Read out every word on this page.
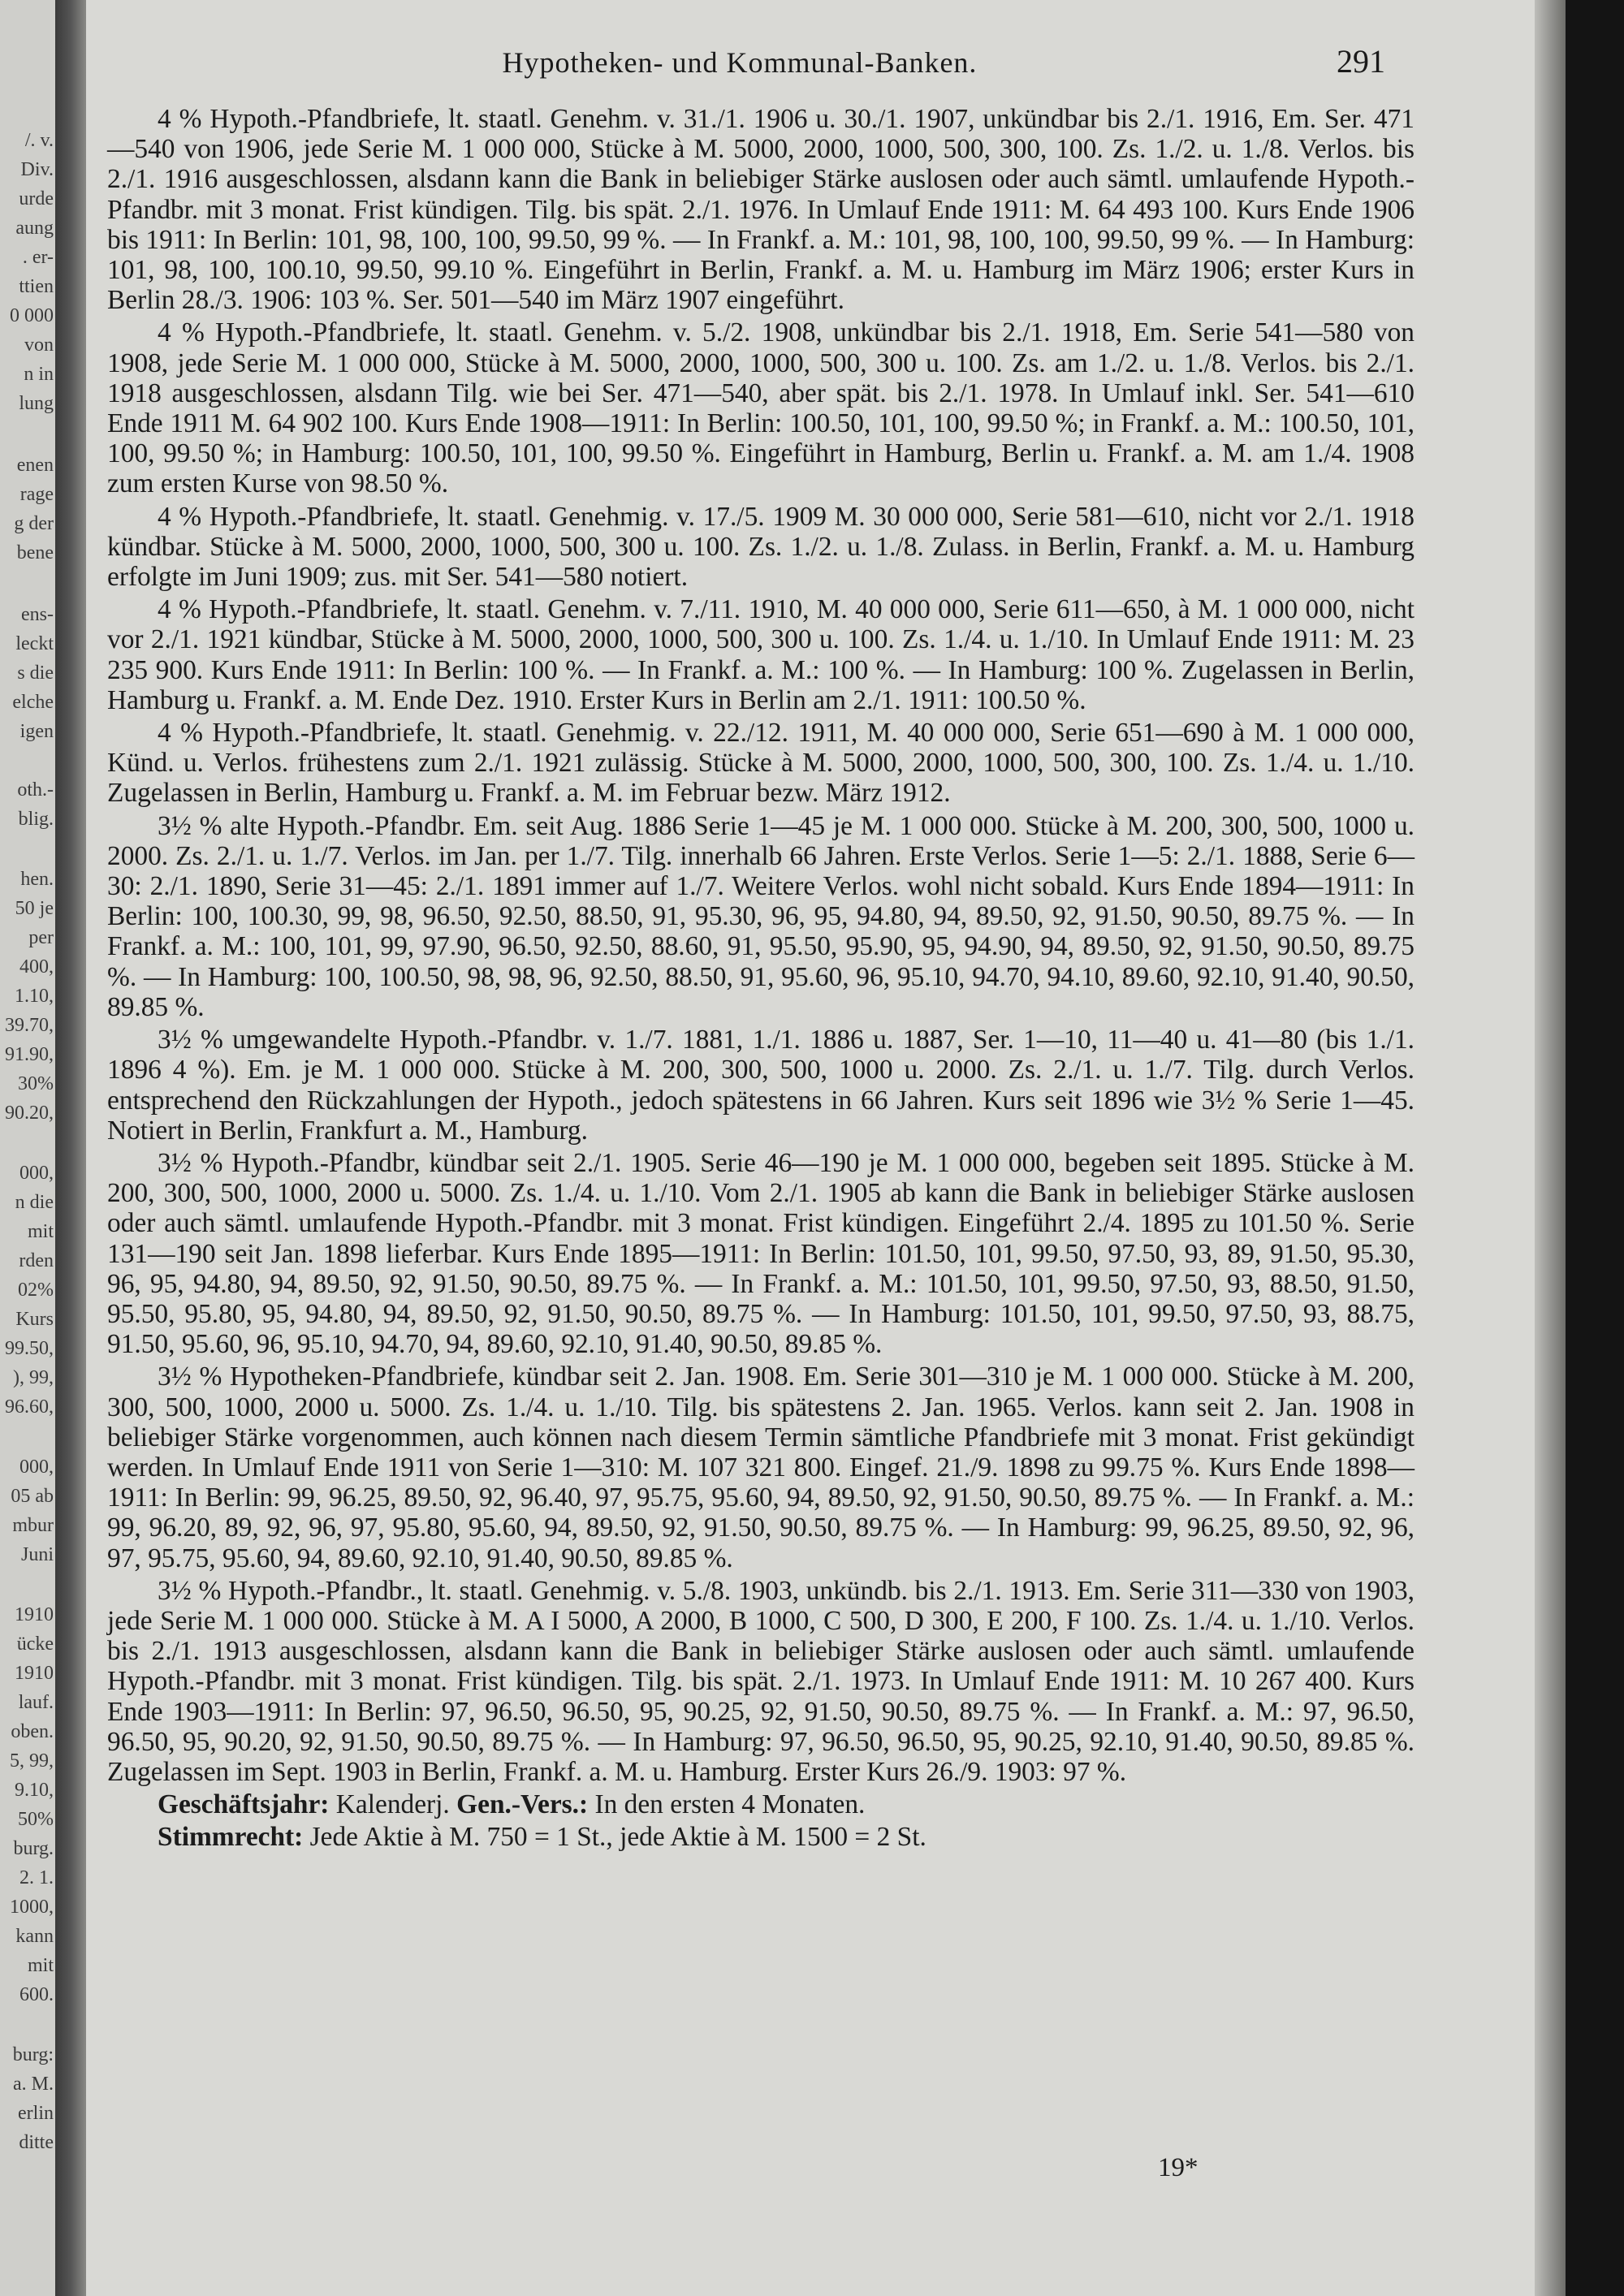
/. v.
Div.
urde
aung
. er-
ttien
0 000
von
n in
lung
enen
rage
g der
bene
ens-
leckt
s die
elche
igen
oth.-
blig.
hen.
50 je
per
400,
1.10,
39.70,
91.90,
30%
90.20,
000,
n die
mit
rden
02%
Kurs
99.50,
), 99,
96.60,
000,
05 ab
mbur
Juni
1910
ücke
1910
lauf.
oben.
5, 99,
9.10,
50%
burg.
2. 1.
1000,
kann
mit
600.
burg:
a. M.
erlin
ditte
Hypotheken- und Kommunal-Banken.	291

4 % Hypoth.-Pfandbriefe, lt. staatl. Genehm. v. 31./1. 1906 u. 30./1. 1907, unkündbar bis 2./1. 1916, Em. Ser. 471—540 von 1906, jede Serie M. 1 000 000, Stücke à M. 5000, 2000, 1000, 500, 300, 100. Zs. 1./2. u. 1./8. Verlos. bis 2./1. 1916 ausgeschlossen, alsdann kann die Bank in beliebiger Stärke auslosen oder auch sämtl. umlaufende Hypoth.-Pfandbr. mit 3 monat. Frist kündigen. Tilg. bis spät. 2./1. 1976. In Umlauf Ende 1911: M. 64 493 100. Kurs Ende 1906 bis 1911: In Berlin: 101, 98, 100, 100, 99.50, 99 %. — In Frankf. a. M.: 101, 98, 100, 100, 99.50, 99 %. — In Hamburg: 101, 98, 100, 100.10, 99.50, 99.10 %. Eingeführt in Berlin, Frankf. a. M. u. Hamburg im März 1906; erster Kurs in Berlin 28./3. 1906: 103 %. Ser. 501—540 im März 1907 eingeführt.

4 % Hypoth.-Pfandbriefe, lt. staatl. Genehm. v. 5./2. 1908, unkündbar bis 2./1. 1918, Em. Serie 541—580 von 1908, jede Serie M. 1 000 000, Stücke à M. 5000, 2000, 1000, 500, 300 u. 100. Zs. am 1./2. u. 1./8. Verlos. bis 2./1. 1918 ausgeschlossen, alsdann Tilg. wie bei Ser. 471—540, aber spät. bis 2./1. 1978. In Umlauf inkl. Ser. 541—610 Ende 1911 M. 64 902 100. Kurs Ende 1908—1911: In Berlin: 100.50, 101, 100, 99.50 %; in Frankf. a. M.: 100.50, 101, 100, 99.50 %; in Hamburg: 100.50, 101, 100, 99.50 %. Eingeführt in Hamburg, Berlin u. Frankf. a. M. am 1./4. 1908 zum ersten Kurse von 98.50 %.

4 % Hypoth.-Pfandbriefe, lt. staatl. Genehmig. v. 17./5. 1909 M. 30 000 000, Serie 581—610, nicht vor 2./1. 1918 kündbar. Stücke à M. 5000, 2000, 1000, 500, 300 u. 100. Zs. 1./2. u. 1./8. Zulass. in Berlin, Frankf. a. M. u. Hamburg erfolgte im Juni 1909; zus. mit Ser. 541—580 notiert.

4 % Hypoth.-Pfandbriefe, lt. staatl. Genehm. v. 7./11. 1910, M. 40 000 000, Serie 611—650, à M. 1 000 000, nicht vor 2./1. 1921 kündbar, Stücke à M. 5000, 2000, 1000, 500, 300 u. 100. Zs. 1./4. u. 1./10. In Umlauf Ende 1911: M. 23 235 900. Kurs Ende 1911: In Berlin: 100 %. — In Frankf. a. M.: 100 %. — In Hamburg: 100 %. Zugelassen in Berlin, Hamburg u. Frankf. a. M. Ende Dez. 1910. Erster Kurs in Berlin am 2./1. 1911: 100.50 %.

4 % Hypoth.-Pfandbriefe, lt. staatl. Genehmig. v. 22./12. 1911, M. 40 000 000, Serie 651—690 à M. 1 000 000, Künd. u. Verlos. frühestens zum 2./1. 1921 zulässig. Stücke à M. 5000, 2000, 1000, 500, 300, 100. Zs. 1./4. u. 1./10. Zugelassen in Berlin, Hamburg u. Frankf. a. M. im Februar bezw. März 1912.

3½ % alte Hypoth.-Pfandbr. Em. seit Aug. 1886 Serie 1—45 je M. 1 000 000. Stücke à M. 200, 300, 500, 1000 u. 2000. Zs. 2./1. u. 1./7. Verlos. im Jan. per 1./7. Tilg. innerhalb 66 Jahren. Erste Verlos. Serie 1—5: 2./1. 1888, Serie 6—30: 2./1. 1890, Serie 31—45: 2./1. 1891 immer auf 1./7. Weitere Verlos. wohl nicht sobald. Kurs Ende 1894—1911: In Berlin: 100, 100.30, 99, 98, 96.50, 92.50, 88.50, 91, 95.30, 96, 95, 94.80, 94, 89.50, 92, 91.50, 90.50, 89.75 %. — In Frankf. a. M.: 100, 101, 99, 97.90, 96.50, 92.50, 88.60, 91, 95.50, 95.90, 95, 94.90, 94, 89.50, 92, 91.50, 90.50, 89.75 %. — In Hamburg: 100, 100.50, 98, 98, 96, 92.50, 88.50, 91, 95.60, 96, 95.10, 94.70, 94.10, 89.60, 92.10, 91.40, 90.50, 89.85 %.

3½ % umgewandelte Hypoth.-Pfandbr. v. 1./7. 1881, 1./1. 1886 u. 1887, Ser. 1—10, 11—40 u. 41—80 (bis 1./1. 1896 4 %). Em. je M. 1 000 000. Stücke à M. 200, 300, 500, 1000 u. 2000. Zs. 2./1. u. 1./7. Tilg. durch Verlos. entsprechend den Rückzahlungen der Hypoth., jedoch spätestens in 66 Jahren. Kurs seit 1896 wie 3½ % Serie 1—45. Notiert in Berlin, Frankfurt a. M., Hamburg.

3½ % Hypoth.-Pfandbr, kündbar seit 2./1. 1905. Serie 46—190 je M. 1 000 000, begeben seit 1895. Stücke à M. 200, 300, 500, 1000, 2000 u. 5000. Zs. 1./4. u. 1./10. Vom 2./1. 1905 ab kann die Bank in beliebiger Stärke auslosen oder auch sämtl. umlaufende Hypoth.-Pfandbr. mit 3 monat. Frist kündigen. Eingeführt 2./4. 1895 zu 101.50 %. Serie 131—190 seit Jan. 1898 lieferbar. Kurs Ende 1895—1911: In Berlin: 101.50, 101, 99.50, 97.50, 93, 89, 91.50, 95.30, 96, 95, 94.80, 94, 89.50, 92, 91.50, 90.50, 89.75 %. — In Frankf. a. M.: 101.50, 101, 99.50, 97.50, 93, 88.50, 91.50, 95.50, 95.80, 95, 94.80, 94, 89.50, 92, 91.50, 90.50, 89.75 %. — In Hamburg: 101.50, 101, 99.50, 97.50, 93, 88.75, 91.50, 95.60, 96, 95.10, 94.70, 94, 89.60, 92.10, 91.40, 90.50, 89.85 %.

3½ % Hypotheken-Pfandbriefe, kündbar seit 2. Jan. 1908. Em. Serie 301—310 je M. 1 000 000. Stücke à M. 200, 300, 500, 1000, 2000 u. 5000. Zs. 1./4. u. 1./10. Tilg. bis spätestens 2. Jan. 1965. Verlos. kann seit 2. Jan. 1908 in beliebiger Stärke vorgenommen, auch können nach diesem Termin sämtliche Pfandbriefe mit 3 monat. Frist gekündigt werden. In Umlauf Ende 1911 von Serie 1—310: M. 107 321 800. Eingef. 21./9. 1898 zu 99.75 %. Kurs Ende 1898—1911: In Berlin: 99, 96.25, 89.50, 92, 96.40, 97, 95.75, 95.60, 94, 89.50, 92, 91.50, 90.50, 89.75 %. — In Frankf. a. M.: 99, 96.20, 89, 92, 96, 97, 95.80, 95.60, 94, 89.50, 92, 91.50, 90.50, 89.75 %. — In Hamburg: 99, 96.25, 89.50, 92, 96, 97, 95.75, 95.60, 94, 89.60, 92.10, 91.40, 90.50, 89.85 %.

3½ % Hypoth.-Pfandbr., lt. staatl. Genehmig. v. 5./8. 1903, unkündb. bis 2./1. 1913. Em. Serie 311—330 von 1903, jede Serie M. 1 000 000. Stücke à M. A I 5000, A 2000, B 1000, C 500, D 300, E 200, F 100. Zs. 1./4. u. 1./10. Verlos. bis 2./1. 1913 ausgeschlossen, alsdann kann die Bank in beliebiger Stärke auslosen oder auch sämtl. umlaufende Hypoth.-Pfandbr. mit 3 monat. Frist kündigen. Tilg. bis spät. 2./1. 1973. In Umlauf Ende 1911: M. 10 267 400. Kurs Ende 1903—1911: In Berlin: 97, 96.50, 96.50, 95, 90.25, 92, 91.50, 90.50, 89.75 %. — In Frankf. a. M.: 97, 96.50, 96.50, 95, 90.20, 92, 91.50, 90.50, 89.75 %. — In Hamburg: 97, 96.50, 96.50, 95, 90.25, 92.10, 91.40, 90.50, 89.85 %. Zugelassen im Sept. 1903 in Berlin, Frankf. a. M. u. Hamburg. Erster Kurs 26./9. 1903: 97 %.

Geschäftsjahr: Kalenderj. Gen.-Vers.: In den ersten 4 Monaten.

Stimmrecht: Jede Aktie à M. 750 = 1 St., jede Aktie à M. 1500 = 2 St.

19*
